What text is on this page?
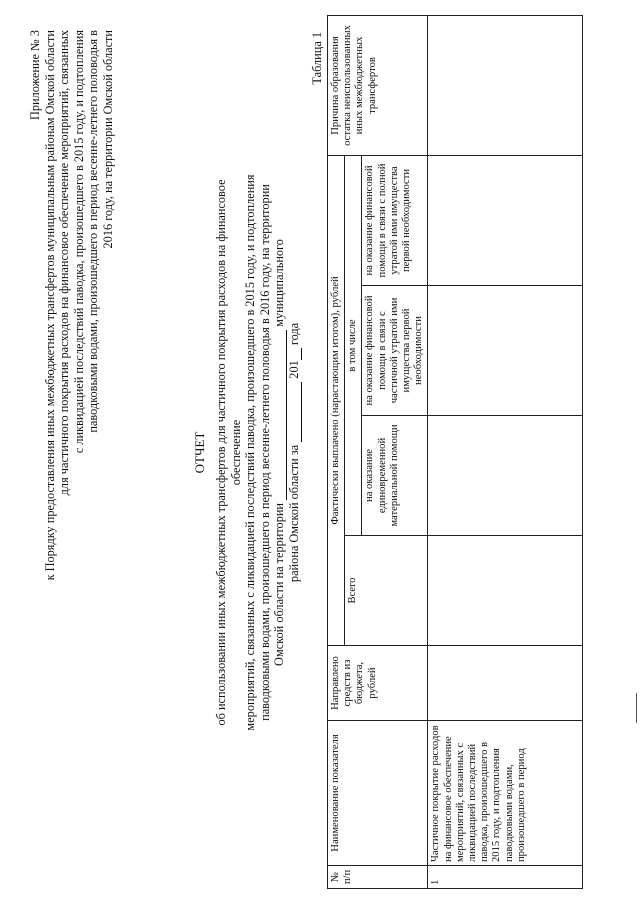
Приложение № 3 к Порядку предоставления иных межбюджетных трансфертов муниципальным районам Омской области для частичного покрытия расходов на финансовое обеспечение мероприятий, связанных с ликвидацией последствий паводка, произошедшего в 2015 году, и подтопления паводковыми водами, произошедшего в период весенне-летнего половодья в 2016 году, на территории Омской области
ОТЧЕТ об использовании иных межбюджетных трансфертов для частичного покрытия расходов на финансовое обеспечение мероприятий, связанных с ликвидацией последствий паводка, произошедшего в 2015 году, и подтопления паводковыми водами, произошедшего в период весенне-летнего половодья в 2016 году, на территории Омской области на территории  муниципального
района Омской области за  201 года
Таблица 1
№ п/п	Наименование показателя	Направлено средств из бюджета, рублей	Фактически выплачено (нарастающим итогом), рублей				Причина образования остатка неиспользованных иных межбюджетных трансфертов
			Всего	в том числе			
				на оказание единовременной материальной помощи	на оказание финансовой помощи в связи с частичной утратой ими имущества первой необходимости	на оказание финансовой помощи в связи с полной утратой ими имущества первой необходимости	
1	Частичное покрытие расходов на финансовое обеспечение мероприятий, связанных с ликвидацией последствий паводка, произошедшего в 2015 году, и подтопления паводковыми водами, произошедшего в период						
